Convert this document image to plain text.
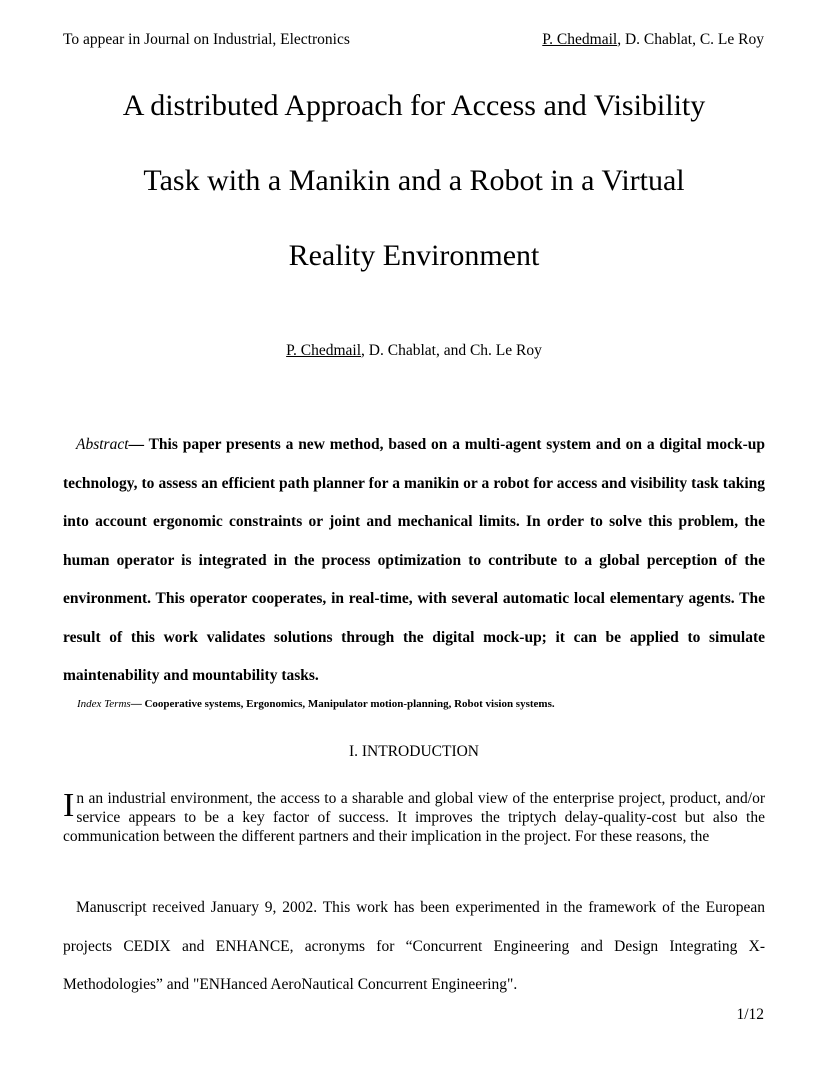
To appear in Journal on Industrial, Electronics	P. Chedmail, D. Chablat, C. Le Roy
A distributed Approach for Access and Visibility
Task with a Manikin and a Robot in a Virtual
Reality Environment
P. Chedmail, D. Chablat, and Ch. Le Roy
Abstract— This paper presents a new method, based on a multi-agent system and on a digital mock-up technology, to assess an efficient path planner for a manikin or a robot for access and visibility task taking into account ergonomic constraints or joint and mechanical limits. In order to solve this problem, the human operator is integrated in the process optimization to contribute to a global perception of the environment. This operator cooperates, in real-time, with several automatic local elementary agents. The result of this work validates solutions through the digital mock-up; it can be applied to simulate maintenability and mountability tasks.
Index Terms— Cooperative systems, Ergonomics, Manipulator motion-planning, Robot vision systems.
I. INTRODUCTION
In an industrial environment, the access to a sharable and global view of the enterprise project, product, and/or service appears to be a key factor of success. It improves the triptych delay-quality-cost but also the communication between the different partners and their implication in the project. For these reasons, the
Manuscript received January 9, 2002. This work has been experimented in the framework of the European projects CEDIX and ENHANCE, acronyms for “Concurrent Engineering and Design Integrating X-Methodologies” and "ENHanced AeroNautical Concurrent Engineering".
1/12
